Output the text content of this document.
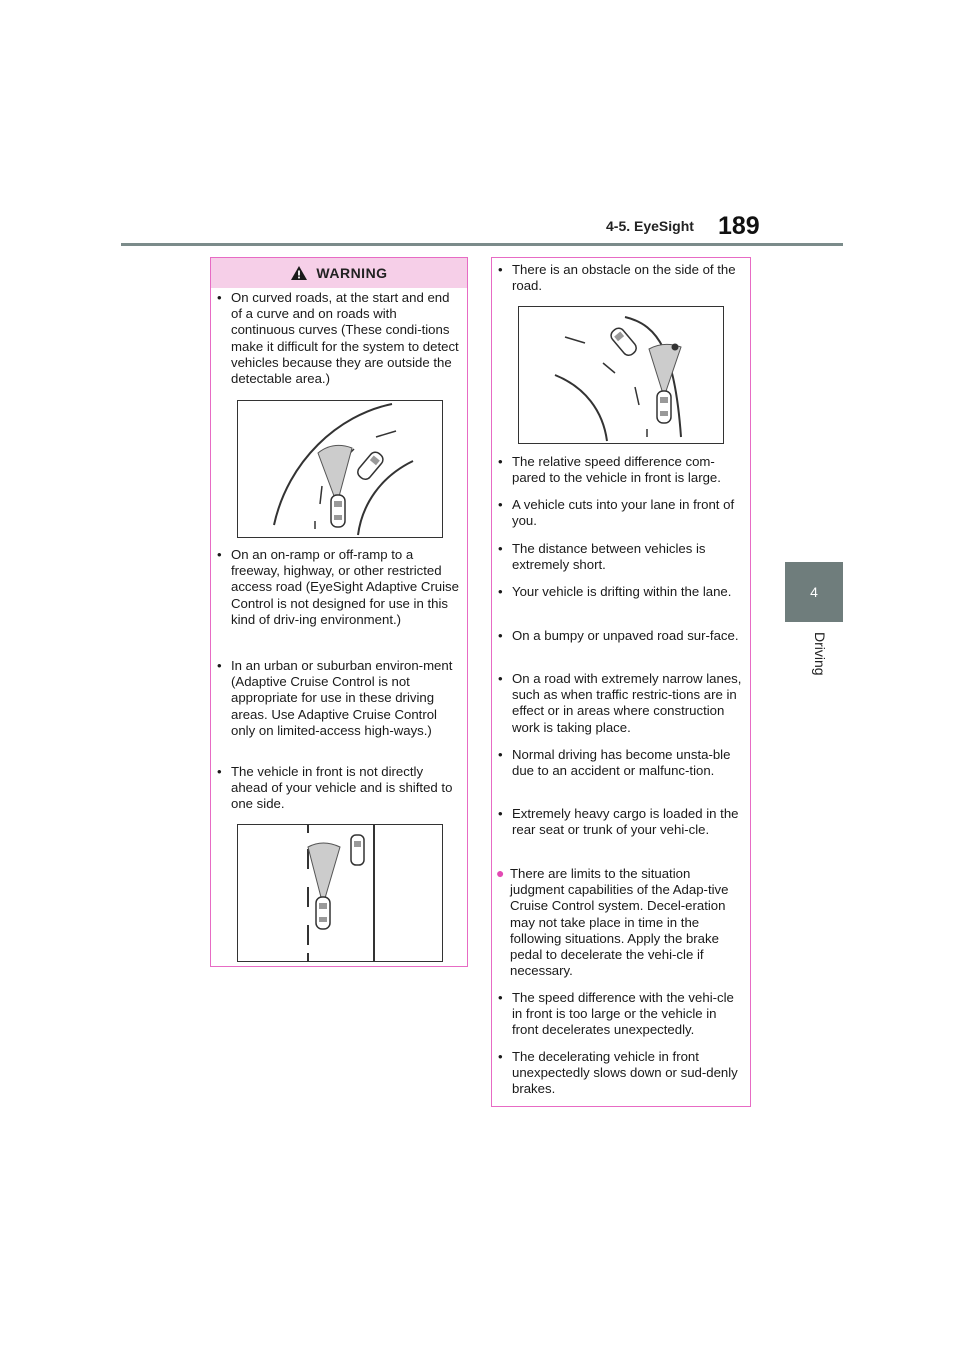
4-5. EyeSight 189
4
Driving
WARNING
• On curved roads, at the start and end of a curve and on roads with continuous curves (These condi-tions make it difficult for the system to detect vehicles because they are outside the detectable area.)
• On an on-ramp or off-ramp to a freeway, highway, or other restricted access road (EyeSight Adaptive Cruise Control is not designed for use in this kind of driv-ing environment.)
• In an urban or suburban environ-ment (Adaptive Cruise Control is not appropriate for use in these driving areas. Use Adaptive Cruise Control only on limited-access high-ways.)
• The vehicle in front is not directly ahead of your vehicle and is shifted to one side.
• There is an obstacle on the side of the road.
• The relative speed difference com-pared to the vehicle in front is large.
• A vehicle cuts into your lane in front of you.
• The distance between vehicles is extremely short.
• Your vehicle is drifting within the lane.
• On a bumpy or unpaved road sur-face.
• On a road with extremely narrow lanes, such as when traffic restric-tions are in effect or in areas where construction work is taking place.
• Normal driving has become unsta-ble due to an accident or malfunc-tion.
• Extremely heavy cargo is loaded in the rear seat or trunk of your vehi-cle.
● There are limits to the situation judgment capabilities of the Adap-tive Cruise Control system. Decel-eration may not take place in time in the following situations. Apply the brake pedal to decelerate the vehi-cle if necessary.
• The speed difference with the vehi-cle in front is too large or the vehicle in front decelerates unexpectedly.
• The decelerating vehicle in front unexpectedly slows down or sud-denly brakes.
